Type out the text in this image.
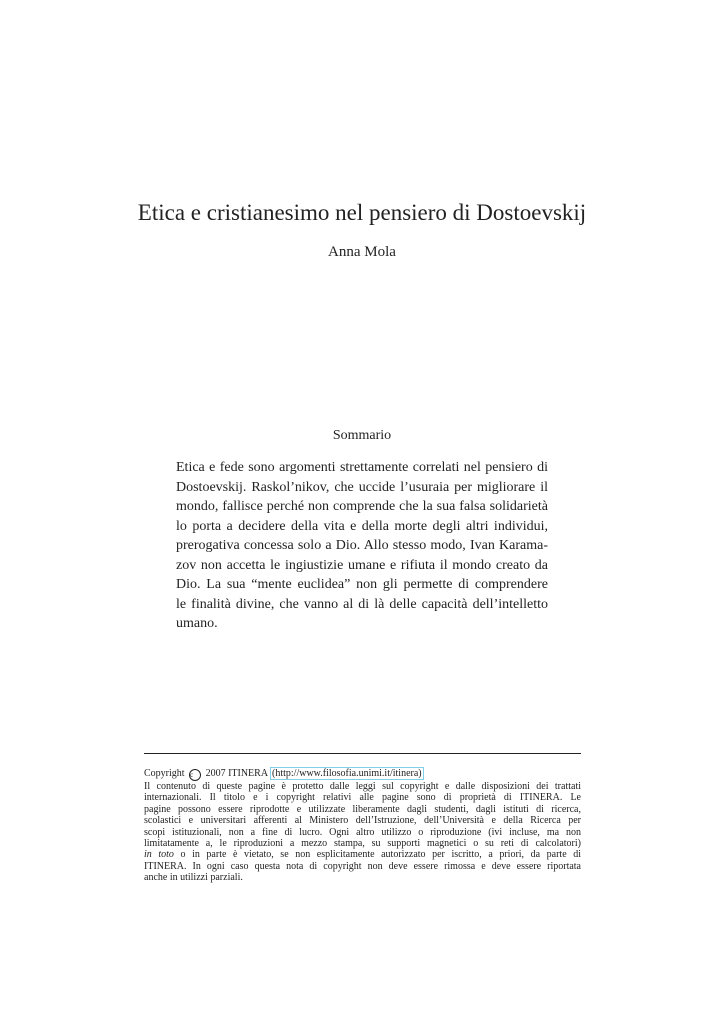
Etica e cristianesimo nel pensiero di Dostoevskij
Anna Mola
Sommario
Etica e fede sono argomenti strettamente correlati nel pensiero di
Dostoevskij. Raskol’nikov, che uccide l’usuraia per migliorare il
mondo, fallisce perché non comprende che la sua falsa solidarietà
lo porta a decidere della vita e della morte degli altri individui,
prerogativa concessa solo a Dio. Allo stesso modo, Ivan Karama-
zov non accetta le ingiustizie umane e rifiuta il mondo creato da
Dio. La sua “mente euclidea” non gli permette di comprendere
le finalità divine, che vanno al di là delle capacità dell’intelletto
umano.
Copyright c 2007 ITINERA (http://www.filosofia.unimi.it/itinera)
Il contenuto di queste pagine è protetto dalle leggi sul copyright e dalle disposizioni dei trattati
internazionali. Il titolo e i copyright relativi alle pagine sono di proprietà di ITINERA. Le
pagine possono essere riprodotte e utilizzate liberamente dagli studenti, dagli istituti di ricerca,
scolastici e universitari afferenti al Ministero dell’Istruzione, dell’Università e della Ricerca per
scopi istituzionali, non a fine di lucro. Ogni altro utilizzo o riproduzione (ivi incluse, ma non
limitatamente a, le riproduzioni a mezzo stampa, su supporti magnetici o su reti di calcolatori)
in toto o in parte è vietato, se non esplicitamente autorizzato per iscritto, a priori, da parte di
ITINERA. In ogni caso questa nota di copyright non deve essere rimossa e deve essere riportata
anche in utilizzi parziali.
